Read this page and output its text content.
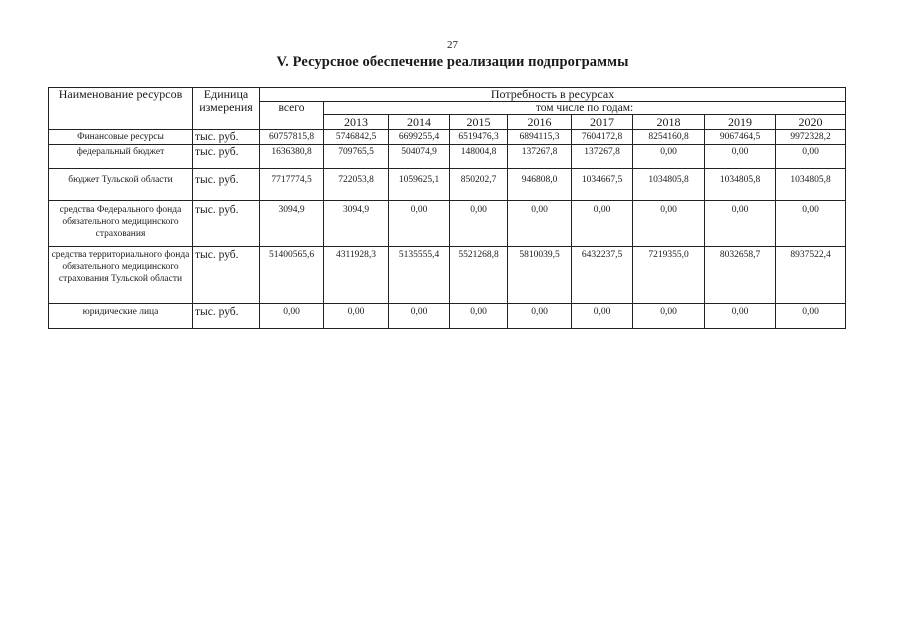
27
V. Ресурсное обеспечение реализации подпрограммы
Наименование ресурсов	Единица измерения	Потребность в ресурсах								
		всего	том числе по годам:							
			2013	2014	2015	2016	2017	2018	2019	2020
Финансовые ресурсы	тыс. руб.	60757815,8	5746842,5	6699255,4	6519476,3	6894115,3	7604172,8	8254160,8	9067464,5	9972328,2
федеральный бюджет	тыс. руб.	1636380,8	709765,5	504074,9	148004,8	137267,8	137267,8	0,00	0,00	0,00
бюджет Тульской области	тыс. руб.	7717774,5	722053,8	1059625,1	850202,7	946808,0	1034667,5	1034805,8	1034805,8	1034805,8
средства Федерального фонда обязательного медицинского страхования	тыс. руб.	3094,9	3094,9	0,00	0,00	0,00	0,00	0,00	0,00	0,00
средства территориального фонда обязательного медицинского страхования Тульской области	тыс. руб.	51400565,6	4311928,3	5135555,4	5521268,8	5810039,5	6432237,5	7219355,0	8032658,7	8937522,4
юридические лица	тыс. руб.	0,00	0,00	0,00	0,00	0,00	0,00	0,00	0,00	0,00
